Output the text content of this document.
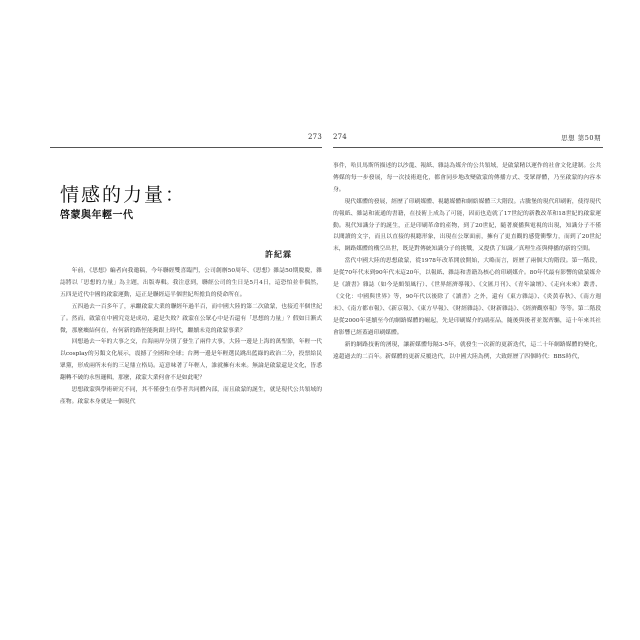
273
情感的力量：
啓蒙與年輕一代
許紀霖

年前，《思想》編者向我邀稿，今年聯經雙喜臨門，公司創辦50周年、《思想》雜誌50期慶慶，雜誌將以「思想的力量」為主題，出版專輯。我注意到，聯經公司的生日是5月4日，這恐怕並非偶然，五四是近代中國的啟蒙運動，這正是聯經這半個世紀所擔負的使命所在。

五四過去一百多年了，承繼啟蒙大業的聯經年過半百，而中國大陸的第二次啟蒙，也接近半個世紀了。然而，啟蒙在中國究竟是成功，還是失敗？啟蒙在公眾心中是否還有「思想的力量」？假如日漸式微，那麼癥結何在，有何新的路徑能夠跟上時代，繼續未竟的啟蒙事業？

回想過去一年的大事之交，台海兩岸分別了發生了兩件大事，大陸一邊是上海的萬聖節，年輕一代以cosplay的另類文化展示，震撼了全國和全球；台灣一邊是年輕選民跳出藍綠的政治二分，投票給民眾黨，形成兩所未有的三足鼎立格局。這意味著了年輕人，誰就擁有未來。無論是啟蒙還是文化，皆悉翻轉不破的永恆邏輯，那麼，啟蒙大業何會不是如此呢？

思想啟蒙與學術研究不同，其不僅發生在學者共同體內部，而且啟蒙的誕生，就是現代公共領域的產物。啟蒙本身就是一個現代

274	思想 第50期

事件，哈貝馬斯所描述的以沙龍、報紙、雜誌為媒介的公共領域，是啟蒙精以運作的社會文化建制。公共傳媒的每一步發展，每一次技術進化，都會同步地改變啟蒙的傳播方式、受眾群體，乃至啟蒙的內容本身。

現代媒體的發展，經歷了印刷媒體、視聽媒體和網絡媒體三大階段。古騰堡的現代印刷術，使得現代的報紙、雜誌和流通的書籍，在技術上成為了可能，因而也造就了17世紀的新教改革和18世紀的啟蒙運動。現代知識分子的誕生，正是印刷革命的產物，到了20世紀，隨著廣播與電視的出現，知識分子不僅以閱讀的文字，而且以直接的視聽形象，出現在公眾面前，擁有了更直觀的感覺衝擊力，而到了20世紀末，網路媒體的構空出世，既是對傳統知識分子的挑戰，又提供了知識／真理生產與傳播的新的空間。

當代中國大陸的思想啟蒙，從1978年改革開放開始，大略而言，經歷了兩個大的階段。第一階段，是從70年代末到90年代末這20年，以報紙、雜誌和書籍為核心的印刷媒介。80年代最有影響的啟蒙媒介是《讀書》雜誌（如今是頗領風行）、《世界經濟導報》、《文匯月刊》、《青年論壇》、《走向未來》叢書、《文化：中國與世界》等，90年代以後除了《讀書》之外，還有《東方雜誌》、《炎黃春秋》、《南方週末》、《南方都市報》、《新京報》、《東方早報》、《財經雜誌》、《財新雜誌》、《經濟觀察報》等等。第二階段是從2000年延續至今的網路媒體的崛起，先是印刷媒介的副產品，隨後與後者並駕齊驅，這十年來其社會影響已經蓋過印刷媒體。

新的網路技術的湧現，讓新媒體每隔3-5年，就發生一次新的更新迭代，這二十年網路媒體的變化，遠超過去的二百年。新媒體的更新反覆迭代，以中國大陸為例，大致經歷了四個時代：BBS時代，
